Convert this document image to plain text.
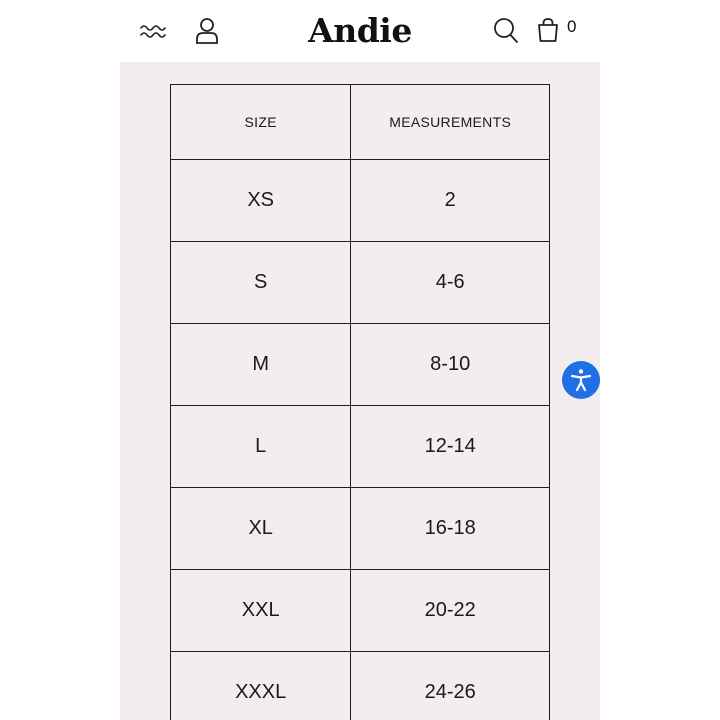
Andie	0
SIZE	MEASUREMENTS
XS	2
S	4-6
M	8-10
L	12-14
XL	16-18
XXL	20-22
XXXL	24-26
